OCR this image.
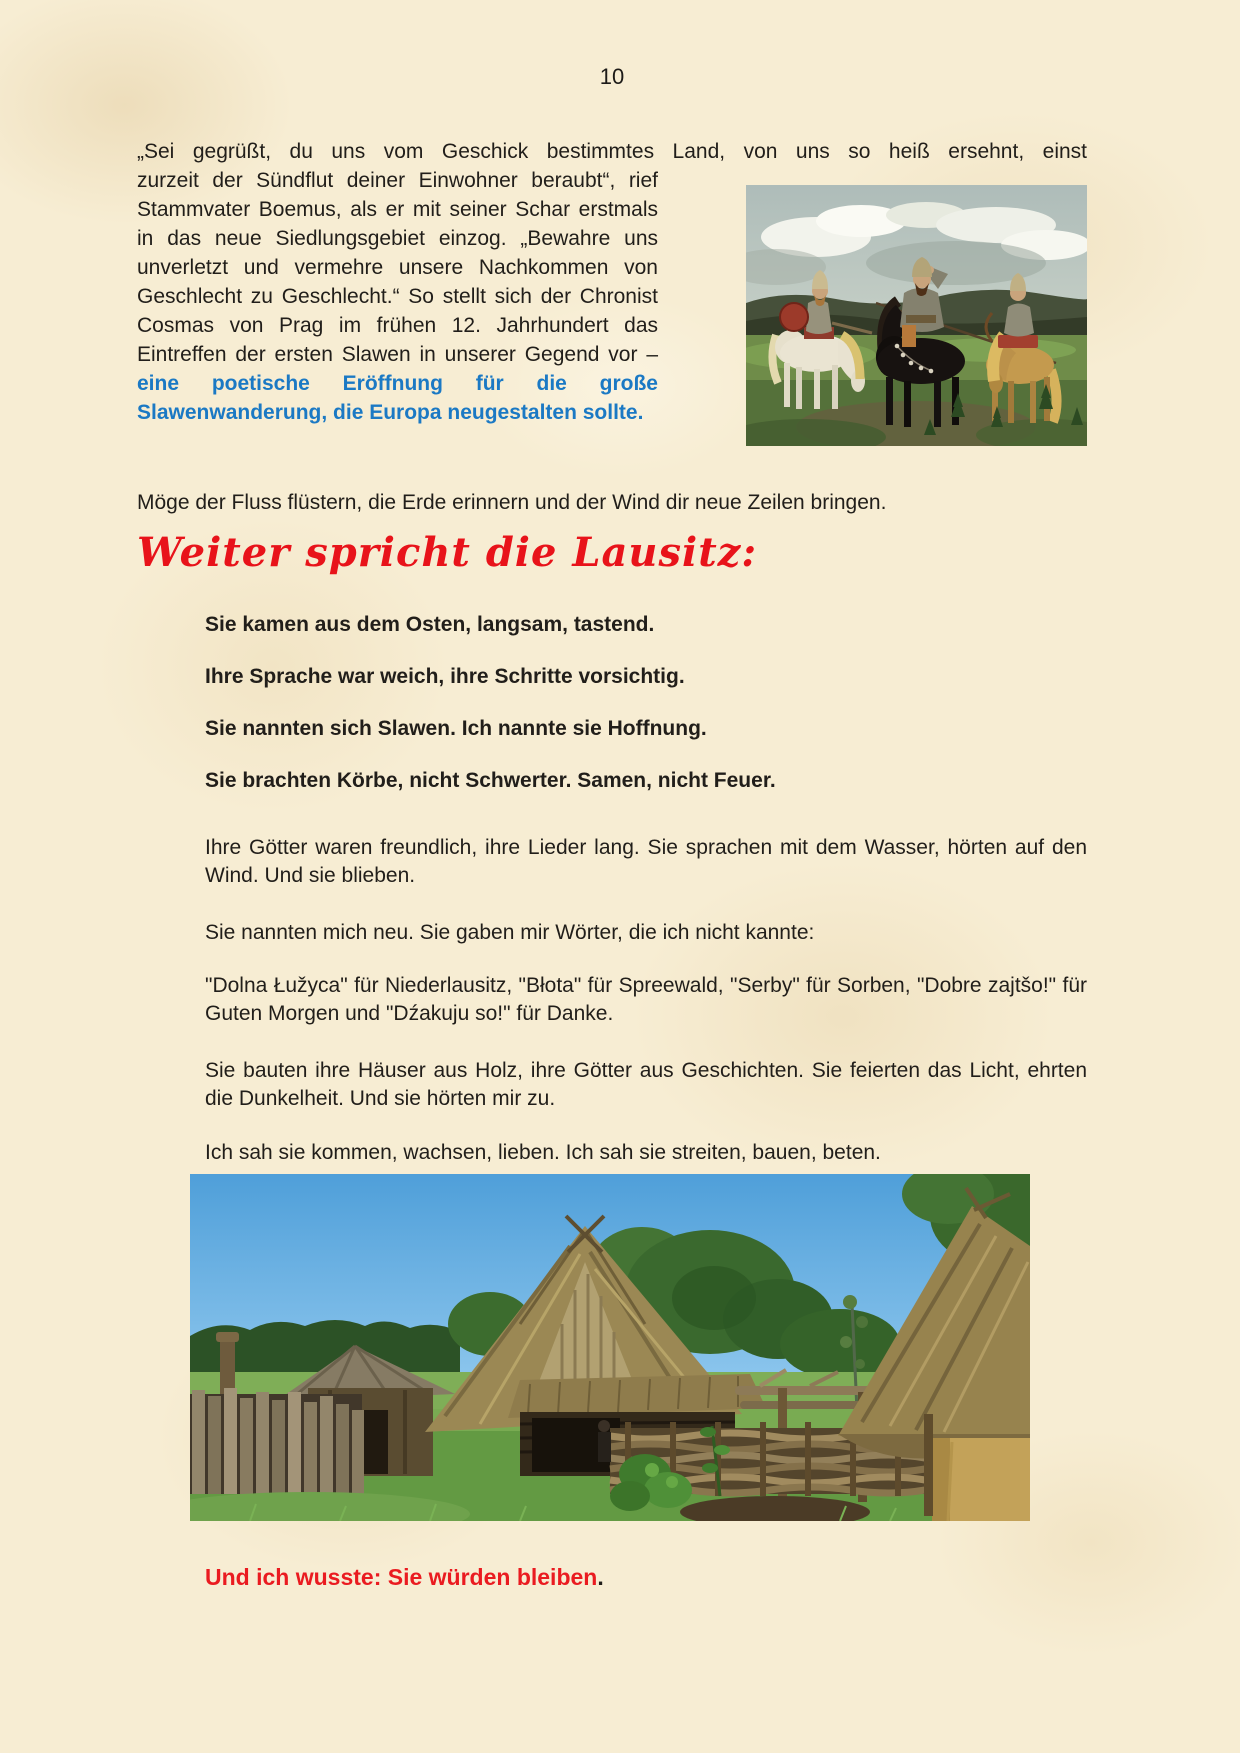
10
„Sei gegrüßt, du uns vom Geschick bestimmtes Land, von uns so heiß ersehnt, einst
zurzeit der Sündflut deiner Einwohner beraubt“, rief Stammvater Boemus, als er mit seiner Schar erstmals in das neue Siedlungsgebiet einzog. „Bewahre uns unverletzt und vermehre unsere Nachkommen von Geschlecht zu Geschlecht.“ So stellt sich der Chronist Cosmas von Prag im frühen 12. Jahrhundert das Eintreffen der ersten Slawen in unserer Gegend vor – eine poetische Eröffnung für die große Slawenwanderung, die Europa neugestalten sollte.
Möge der Fluss flüstern, die Erde erinnern und der Wind dir neue Zeilen bringen.
Weiter spricht die Lausitz:

Sie kamen aus dem Osten, langsam, tastend.

Ihre Sprache war weich, ihre Schritte vorsichtig.

Sie nannten sich Slawen. Ich nannte sie Hoffnung.

Sie brachten Körbe, nicht Schwerter. Samen, nicht Feuer.

Ihre Götter waren freundlich, ihre Lieder lang. Sie sprachen mit dem Wasser, hörten auf den Wind. Und sie blieben.

Sie nannten mich neu. Sie gaben mir Wörter, die ich nicht kannte:

"Dolna Łužyca" für Niederlausitz, "Błota" für Spreewald, "Serby" für Sorben, "Dobre zajtšo!" für Guten Morgen und "Dźakuju so!" für Danke.

Sie bauten ihre Häuser aus Holz, ihre Götter aus Geschichten. Sie feierten das Licht, ehrten die Dunkelheit. Und sie hörten mir zu.

Ich sah sie kommen, wachsen, lieben. Ich sah sie streiten, bauen, beten.

Und ich wusste: Sie würden bleiben.
